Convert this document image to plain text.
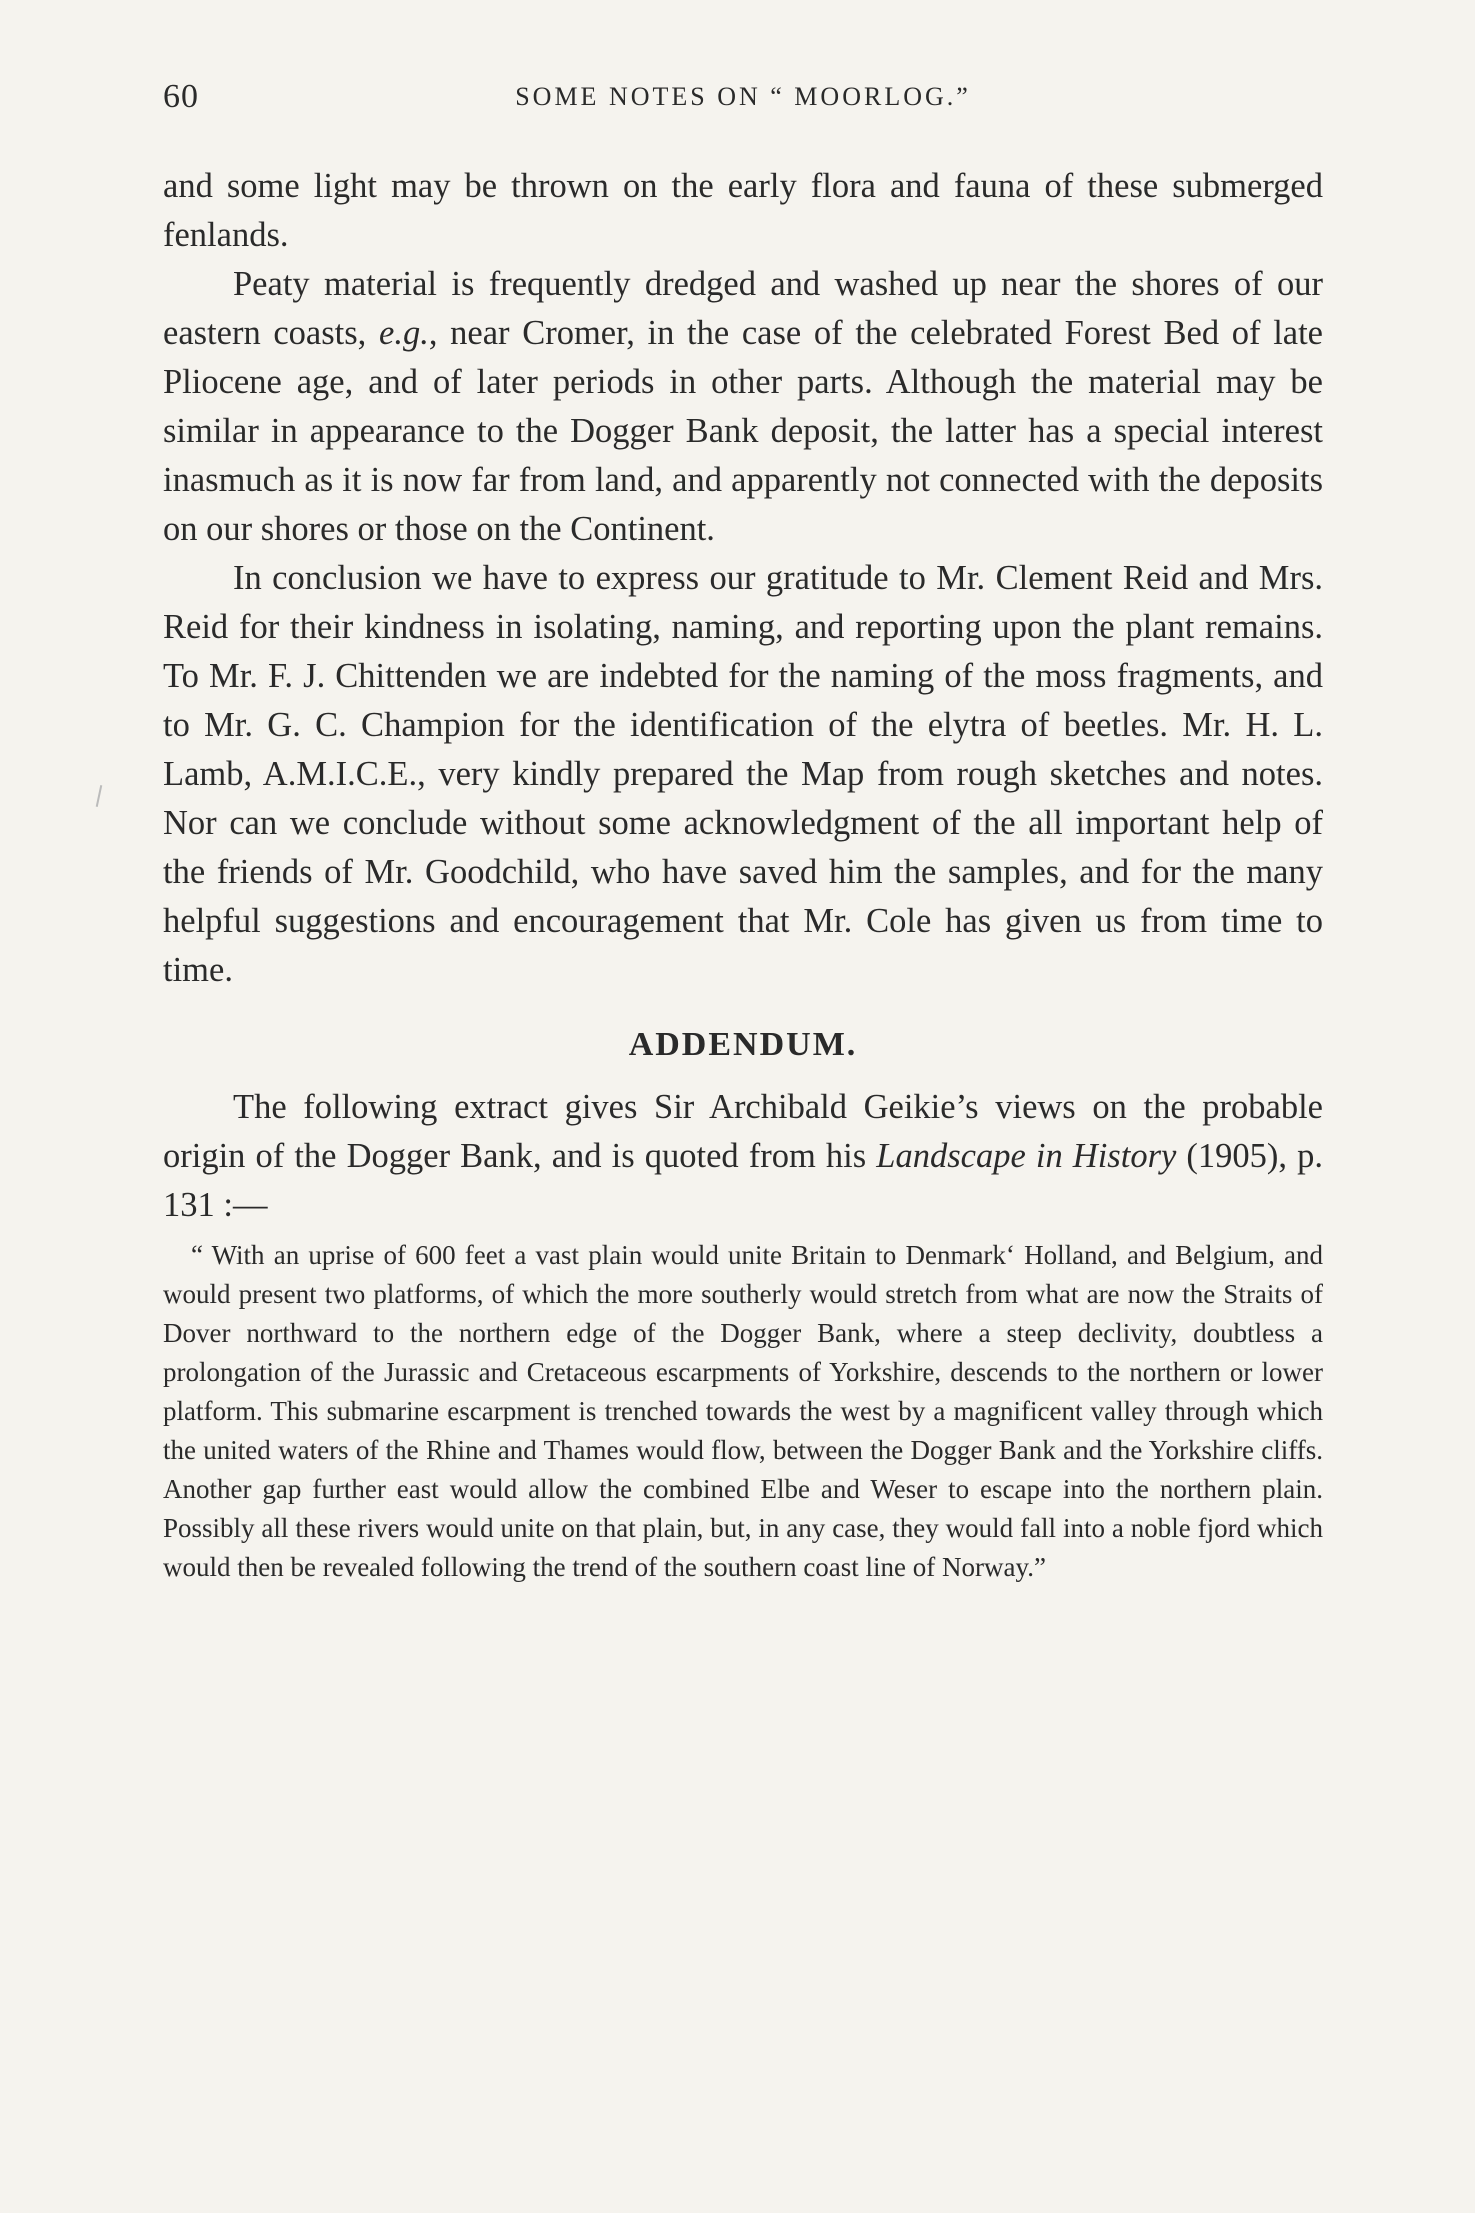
60	SOME NOTES ON “ MOORLOG.”

and some light may be thrown on the early flora and fauna of these submerged fenlands.

Peaty material is frequently dredged and washed up near the shores of our eastern coasts, e.g., near Cromer, in the case of the celebrated Forest Bed of late Pliocene age, and of later periods in other parts. Although the material may be similar in appearance to the Dogger Bank deposit, the latter has a special interest inasmuch as it is now far from land, and apparently not connected with the deposits on our shores or those on the Continent.

In conclusion we have to express our gratitude to Mr. Clement Reid and Mrs. Reid for their kindness in isolating, naming, and reporting upon the plant remains. To Mr. F. J. Chittenden we are indebted for the naming of the moss fragments, and to Mr. G. C. Champion for the identification of the elytra of beetles. Mr. H. L. Lamb, A.M.I.C.E., very kindly prepared the Map from rough sketches and notes. Nor can we conclude without some acknowledgment of the all important help of the friends of Mr. Goodchild, who have saved him the samples, and for the many helpful suggestions and encouragement that Mr. Cole has given us from time to time.

ADDENDUM.

The following extract gives Sir Archibald Geikie’s views on the probable origin of the Dogger Bank, and is quoted from his Landscape in History (1905), p. 131 :—

“ With an uprise of 600 feet a vast plain would unite Britain to Denmark‘ Holland, and Belgium, and would present two platforms, of which the more southerly would stretch from what are now the Straits of Dover northward to the northern edge of the Dogger Bank, where a steep declivity, doubtless a prolongation of the Jurassic and Cretaceous escarpments of Yorkshire, descends to the northern or lower platform. This submarine escarpment is trenched towards the west by a magnificent valley through which the united waters of the Rhine and Thames would flow, between the Dogger Bank and the Yorkshire cliffs. Another gap further east would allow the combined Elbe and Weser to escape into the northern plain. Possibly all these rivers would unite on that plain, but, in any case, they would fall into a noble fjord which would then be revealed following the trend of the southern coast line of Norway.”
